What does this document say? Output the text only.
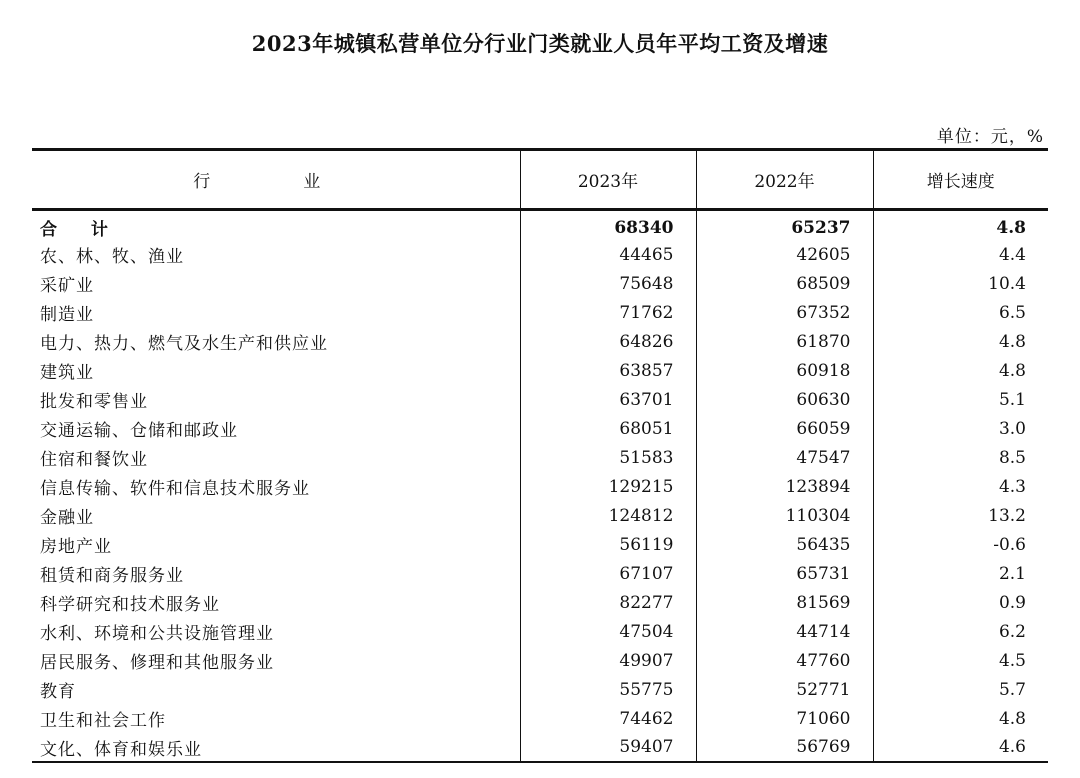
2023年城镇私营单位分行业门类就业人员年平均工资及增速
单位：元，%
行　业	2023年	2022年	增长速度
合 计	68340	65237	4.8
农、林、牧、渔业	44465	42605	4.4
采矿业	75648	68509	10.4
制造业	71762	67352	6.5
电力、热力、燃气及水生产和供应业	64826	61870	4.8
建筑业	63857	60918	4.8
批发和零售业	63701	60630	5.1
交通运输、仓储和邮政业	68051	66059	3.0
住宿和餐饮业	51583	47547	8.5
信息传输、软件和信息技术服务业	129215	123894	4.3
金融业	124812	110304	13.2
房地产业	56119	56435	-0.6
租赁和商务服务业	67107	65731	2.1
科学研究和技术服务业	82277	81569	0.9
水利、环境和公共设施管理业	47504	44714	6.2
居民服务、修理和其他服务业	49907	47760	4.5
教育	55775	52771	5.7
卫生和社会工作	74462	71060	4.8
文化、体育和娱乐业	59407	56769	4.6
